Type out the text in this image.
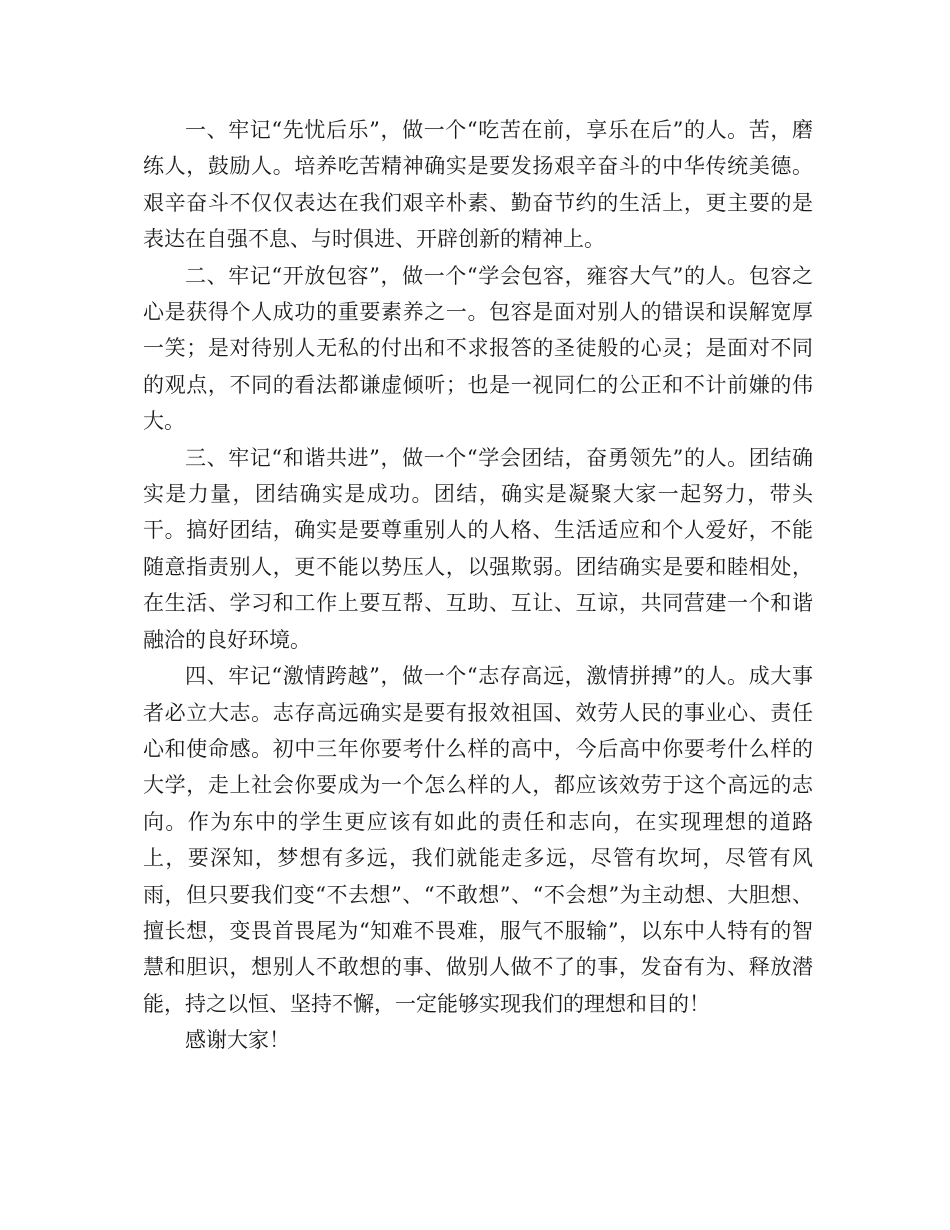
一、牢记“先忧后乐”，做一个“吃苦在前，享乐在后”的人。苦，磨练人，鼓励人。培养吃苦精神确实是要发扬艰辛奋斗的中华传统美德。艰辛奋斗不仅仅表达在我们艰辛朴素、勤奋节约的生活上，更主要的是表达在自强不息、与时俱进、开辟创新的精神上。

二、牢记“开放包容”，做一个“学会包容，雍容大气”的人。包容之心是获得个人成功的重要素养之一。包容是面对别人的错误和误解宽厚一笑；是对待别人无私的付出和不求报答的圣徒般的心灵；是面对不同的观点，不同的看法都谦虚倾听；也是一视同仁的公正和不计前嫌的伟大。

三、牢记“和谐共进”，做一个“学会团结，奋勇领先”的人。团结确实是力量，团结确实是成功。团结，确实是凝聚大家一起努力，带头干。搞好团结，确实是要尊重别人的人格、生活适应和个人爱好，不能随意指责别人，更不能以势压人，以强欺弱。团结确实是要和睦相处，在生活、学习和工作上要互帮、互助、互让、互谅，共同营建一个和谐融洽的良好环境。

四、牢记“激情跨越”，做一个“志存高远，激情拼搏”的人。成大事者必立大志。志存高远确实是要有报效祖国、效劳人民的事业心、责任心和使命感。初中三年你要考什么样的高中，今后高中你要考什么样的大学，走上社会你要成为一个怎么样的人，都应该效劳于这个高远的志向。作为东中的学生更应该有如此的责任和志向，在实现理想的道路上，要深知，梦想有多远，我们就能走多远，尽管有坎坷，尽管有风雨，但只要我们变“不去想”、“不敢想”、“不会想”为主动想、大胆想、擅长想，变畏首畏尾为“知难不畏难，服气不服输”，以东中人特有的智慧和胆识，想别人不敢想的事、做别人做不了的事，发奋有为、释放潜能，持之以恒、坚持不懈，一定能够实现我们的理想和目的！

感谢大家！
